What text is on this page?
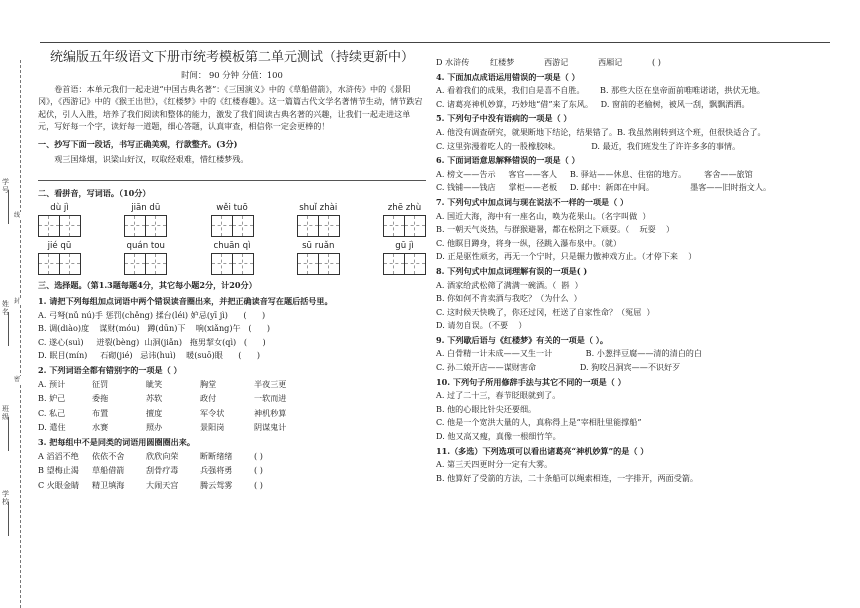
学号
姓名
班级
学校
线
封
密
统编版五年级语文下册市统考模板第二单元测试（持续更新中）
时间： 90 分钟 分值：100

卷首语：本单元我们一起走进“中国古典名著”：《三国演义》中的《草船借箭》，水浒传》中的《景阳冈》，《西游记》中的《猴王出世》，《红楼梦》中的《红楼春趣》。这一篇篇古代文学名著情节生动，情节跌宕起伏，引人入胜，培养了我们阅读和整体的能力，激发了我们阅读古典名著的兴趣，让我们一起走进这单元，写好每一个字，读好每一道题，细心答题，认真审查，相信你一定会更棒的！

一、抄写下面一段话，书写正确美观，行款整齐。(3分)

观三国烽烟，识梁山好汉，叹取经艰难，惜红楼梦残。

二、看拼音，写词语。（10分）
dù jì	jiān dū	wěi tuō	shuǐ zhài	zhē zhù
jié qū	quán tou	chuān qì	sū ruǎn	gū jì
三、选择题。（第1.3题每题4分，其它每小题2分，计20分）
1. 请把下列每组加点词语中两个错误读音圈出来，并把正确读音写在题后括号里。
A. 弓弩(nǔ nú)手 惩罚(chěng) 揉台(léi) 妒忌(yī jì)      (      )
B. 调(diào)度    谋财(móu)   蹲(dūn)下    响(xiǎng)午   (      )
C. 遂心(suì)     迸裂(bèng)  山洞(jiǎn)   拖男挈女(qì)   (      )
D. 眠目(mín)     石砌(jié)   忌讳(huì)    暖(suō)眼      (      )
2. 下列词语全都有错别字的一项是（ ）
A. 预计	征罚	眦笑	胸堂	半夜三更
B. 妒己	委拖	苏软	政付	一软而进
C. 私己	布置	擅度	军令状	神机秒算
D. 遣住	水赛	照办	景阳岗	阴谋鬼计
3. 把每组中不是同类的词语用圆圈圈出来。
A 滔滔不绝	依依不舍	欣欣向荣	断断绪绪	( )
B 望梅止渴	草船借箭	刮骨疗毒	兵强将勇	( )
C 火眼金睛	精卫填海	大闹天宫	腾云驾雾	( )
D 水浒传	红楼梦	西游记	西厢记	( )
4. 下面加点成语运用错误的一项是（ ）
A. 看着我们的成果，我们自是喜不自胜。      B. 那些大臣在皇帝面前唯唯诺诺，拱伏无地。
C. 诸葛亮神机妙算，巧妙地“借”来了东风。   D. 窗前的老榆树，被风一刮，飘飘洒洒。
5. 下列句子中没有语病的一项是（ ）
A. 他没有调查研究，就果断地下结论，结果错了。B. 我虽然刚转到这个班，但很快适合了。
C. 这里弥漫着吃人的一股橡胶味。            D. 最近，我们班发生了许许多多的事情。
6. 下面词语意思解释错误的一项是（ ）
A. 榜文——告示     客官——客人     B. 驿站——休息、住宿的地方。       客舍——旅馆
C. 钱铺——钱店     掌柜——老板     D. 邮中：新郎在中间。              墨客——旧时指文人。
7. 下列句式中加点词与现在说法不一样的一项是（ ）
A. 国近大海，海中有一座名山，唤为花果山。（名字叫做  ）
B. 一朝天气炎热，与群猴避暑，都在松阴之下顽耍。（    玩耍    ）
C. 他瞑目蹲身，将身一纵，径跳入瀑布泉中。（就）
D. 正是驱性顽劣，再无一个宁时，只是辗力傲神戏方止。（才停下来    ）
8. 下列句式中加点词理解有误的一项是( )
A. 酒家给武松筛了满满一碗酒。（  斟  ）
B. 你如何不肯卖酒与我吃？（为什么  ）
C. 这时候天快晚了，你还过冈，枉送了自家性命？（冤屈  ）
D. 请勿自误。（不要    ）
9. 下列歇后语与《红楼梦》有关的一项是（ ）。
A. 白骨精一计未成——又生一计             B. 小葱拌豆腐——清的清白的白
C. 孙二娘开店——谋财害命                 D. 狗咬吕洞宾——不识好歹
10. 下列句子所用修辞手法与其它不同的一项是（ ）
A. 过了二十三，春节眨眼就到了。
B. 他的心眼比针尖还要细。
C. 他是一个宽洪大量的人，真称得上是“宰相肚里能撑船”
D. 他又高又瘦，真像一根细竹竿。
11.（多选）下列选项可以看出诸葛亮“神机妙算”的是（ ）
A. 第三天四更时分一定有大雾。
B. 他算好了受箭的方法，二十条船可以绳索相连，一字排开，两面受箭。
